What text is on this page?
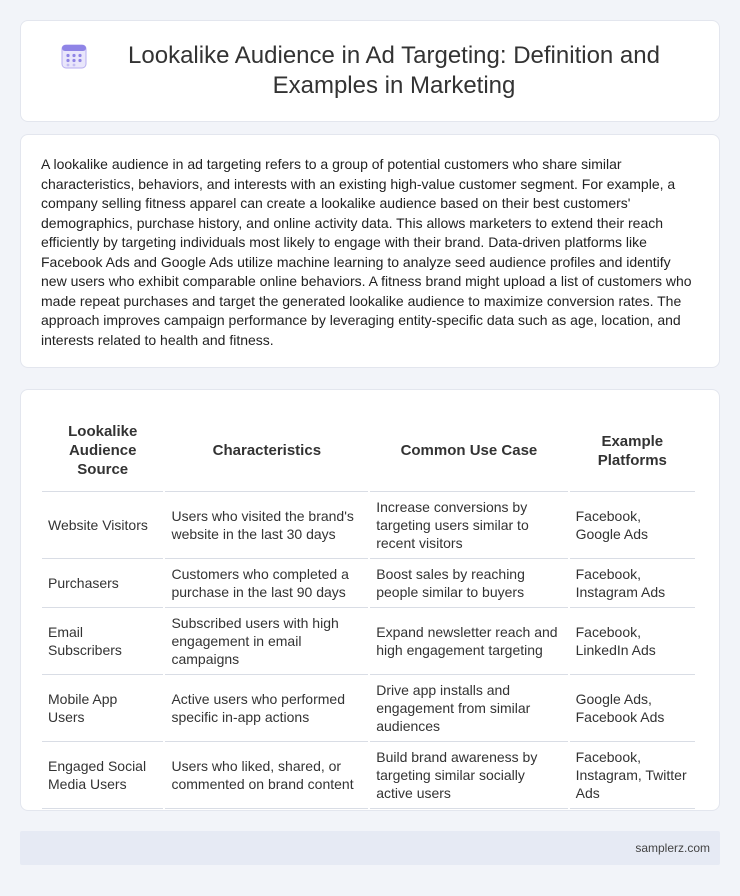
Lookalike Audience in Ad Targeting: Definition and Examples in Marketing

A lookalike audience in ad targeting refers to a group of potential customers who share similar characteristics, behaviors, and interests with an existing high-value customer segment. For example, a company selling fitness apparel can create a lookalike audience based on their best customers' demographics, purchase history, and online activity data. This allows marketers to extend their reach efficiently by targeting individuals most likely to engage with their brand. Data-driven platforms like Facebook Ads and Google Ads utilize machine learning to analyze seed audience profiles and identify new users who exhibit comparable online behaviors. A fitness brand might upload a list of customers who made repeat purchases and target the generated lookalike audience to maximize conversion rates. The approach improves campaign performance by leveraging entity-specific data such as age, location, and interests related to health and fitness.

Lookalike Audience Source	Characteristics	Common Use Case	Example Platforms
Website Visitors	Users who visited the brand's website in the last 30 days	Increase conversions by targeting users similar to recent visitors	Facebook, Google Ads
Purchasers	Customers who completed a purchase in the last 90 days	Boost sales by reaching people similar to buyers	Facebook, Instagram Ads
Email Subscribers	Subscribed users with high engagement in email campaigns	Expand newsletter reach and high engagement targeting	Facebook, LinkedIn Ads
Mobile App Users	Active users who performed specific in-app actions	Drive app installs and engagement from similar audiences	Google Ads, Facebook Ads
Engaged Social Media Users	Users who liked, shared, or commented on brand content	Build brand awareness by targeting similar socially active users	Facebook, Instagram, Twitter Ads
samplerz.com
